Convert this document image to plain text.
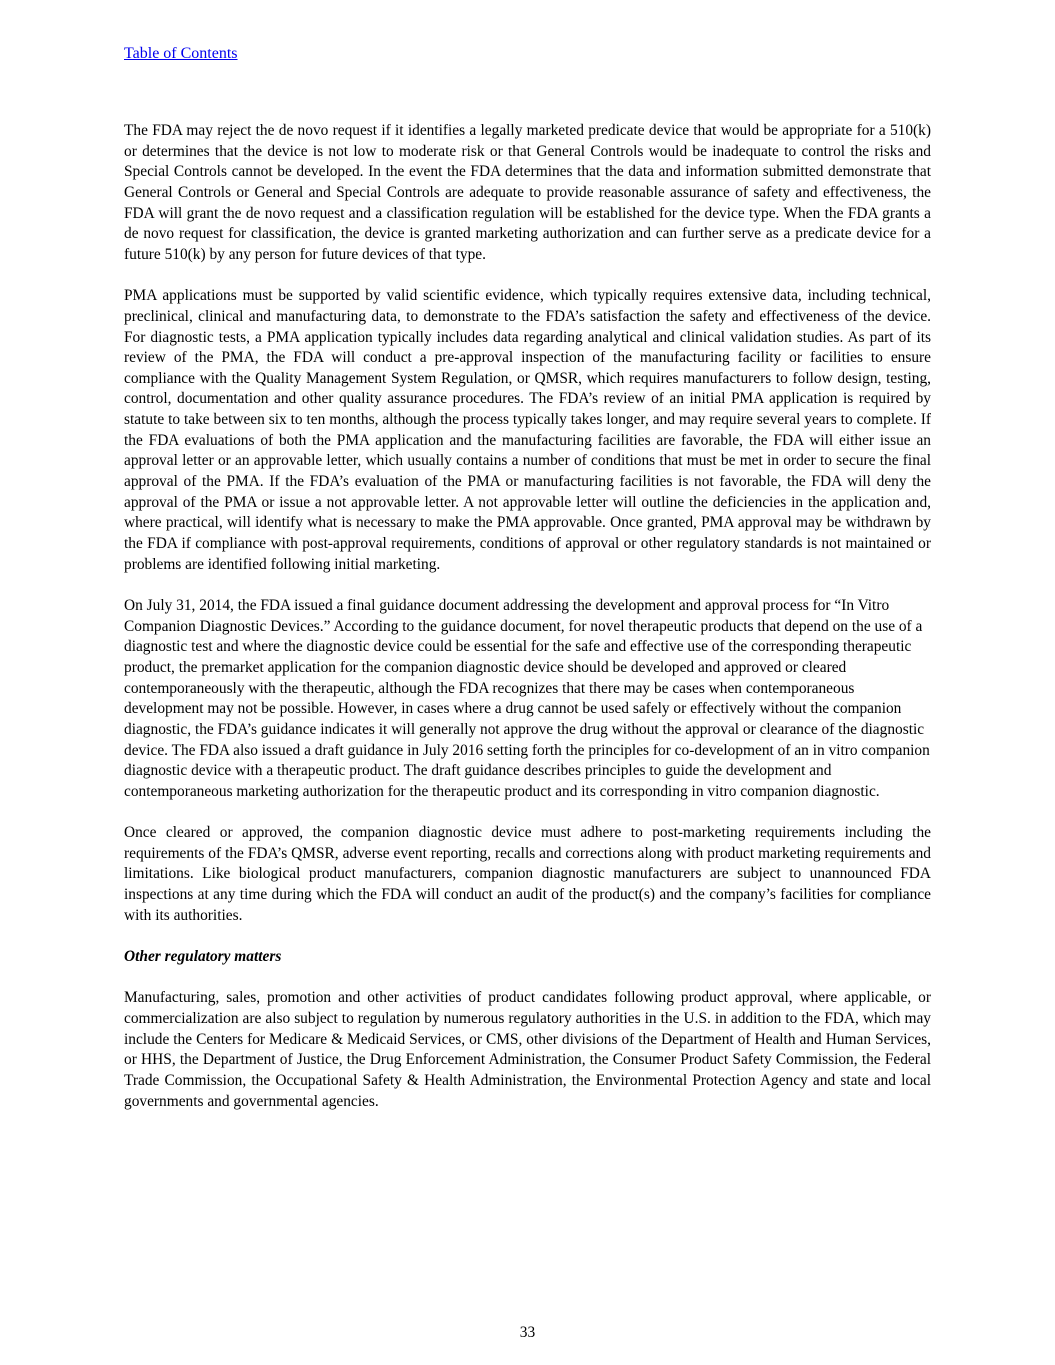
Table of Contents

The FDA may reject the de novo request if it identifies a legally marketed predicate device that would be appropriate for a 510(k) or determines that the device is not low to moderate risk or that General Controls would be inadequate to control the risks and Special Controls cannot be developed. In the event the FDA determines that the data and information submitted demonstrate that General Controls or General and Special Controls are adequate to provide reasonable assurance of safety and effectiveness, the FDA will grant the de novo request and a classification regulation will be established for the device type. When the FDA grants a de novo request for classification, the device is granted marketing authorization and can further serve as a predicate device for a future 510(k) by any person for future devices of that type.

PMA applications must be supported by valid scientific evidence, which typically requires extensive data, including technical, preclinical, clinical and manufacturing data, to demonstrate to the FDA’s satisfaction the safety and effectiveness of the device. For diagnostic tests, a PMA application typically includes data regarding analytical and clinical validation studies. As part of its review of the PMA, the FDA will conduct a pre-approval inspection of the manufacturing facility or facilities to ensure compliance with the Quality Management System Regulation, or QMSR, which requires manufacturers to follow design, testing, control, documentation and other quality assurance procedures. The FDA’s review of an initial PMA application is required by statute to take between six to ten months, although the process typically takes longer, and may require several years to complete. If the FDA evaluations of both the PMA application and the manufacturing facilities are favorable, the FDA will either issue an approval letter or an approvable letter, which usually contains a number of conditions that must be met in order to secure the final approval of the PMA. If the FDA’s evaluation of the PMA or manufacturing facilities is not favorable, the FDA will deny the approval of the PMA or issue a not approvable letter. A not approvable letter will outline the deficiencies in the application and, where practical, will identify what is necessary to make the PMA approvable. Once granted, PMA approval may be withdrawn by the FDA if compliance with post-approval requirements, conditions of approval or other regulatory standards is not maintained or problems are identified following initial marketing.

On July 31, 2014, the FDA issued a final guidance document addressing the development and approval process for “In Vitro Companion Diagnostic Devices.” According to the guidance document, for novel therapeutic products that depend on the use of a diagnostic test and where the diagnostic device could be essential for the safe and effective use of the corresponding therapeutic product, the premarket application for the companion diagnostic device should be developed and approved or cleared contemporaneously with the therapeutic, although the FDA recognizes that there may be cases when contemporaneous development may not be possible. However, in cases where a drug cannot be used safely or effectively without the companion diagnostic, the FDA’s guidance indicates it will generally not approve the drug without the approval or clearance of the diagnostic device. The FDA also issued a draft guidance in July 2016 setting forth the principles for co-development of an in vitro companion diagnostic device with a therapeutic product. The draft guidance describes principles to guide the development and contemporaneous marketing authorization for the therapeutic product and its corresponding in vitro companion diagnostic.

Once cleared or approved, the companion diagnostic device must adhere to post-marketing requirements including the requirements of the FDA’s QMSR, adverse event reporting, recalls and corrections along with product marketing requirements and limitations. Like biological product manufacturers, companion diagnostic manufacturers are subject to unannounced FDA inspections at any time during which the FDA will conduct an audit of the product(s) and the company’s facilities for compliance with its authorities.

Other regulatory matters

Manufacturing, sales, promotion and other activities of product candidates following product approval, where applicable, or commercialization are also subject to regulation by numerous regulatory authorities in the U.S. in addition to the FDA, which may include the Centers for Medicare & Medicaid Services, or CMS, other divisions of the Department of Health and Human Services, or HHS, the Department of Justice, the Drug Enforcement Administration, the Consumer Product Safety Commission, the Federal Trade Commission, the Occupational Safety & Health Administration, the Environmental Protection Agency and state and local governments and governmental agencies.

33
